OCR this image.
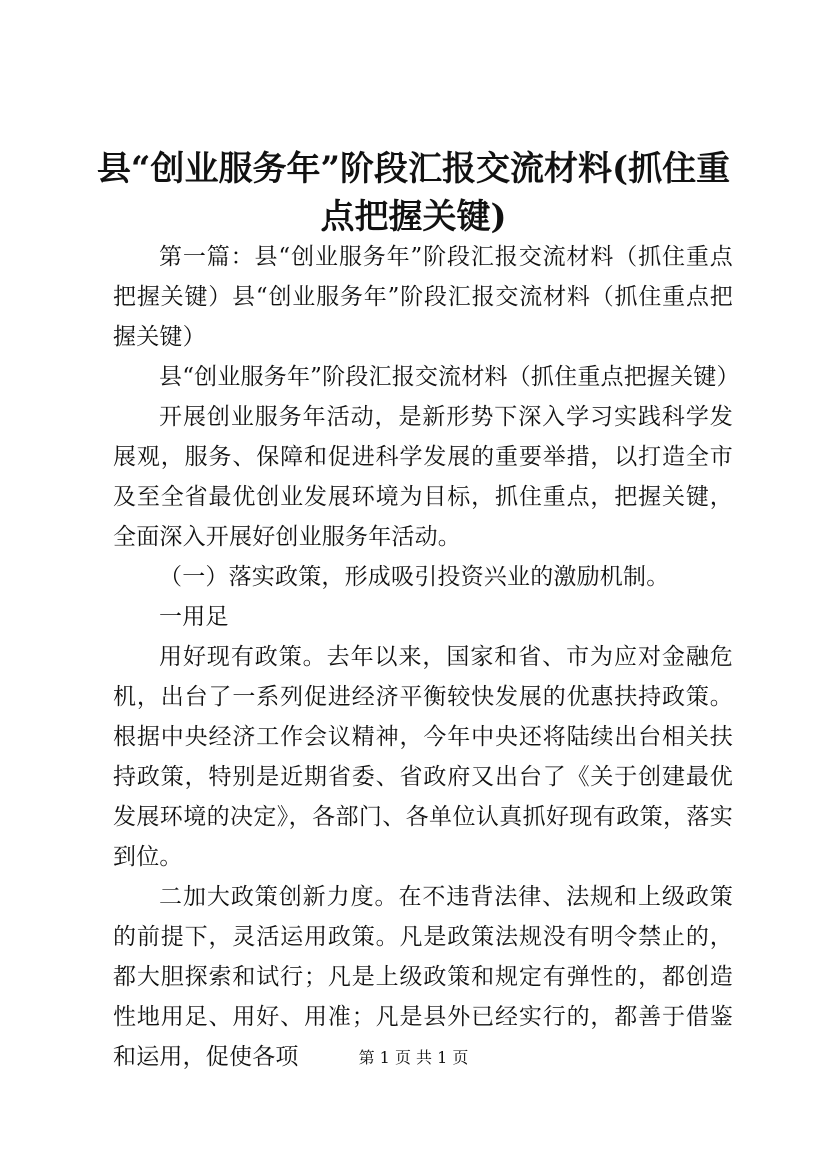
县“创业服务年”阶段汇报交流材料(抓住重点把握关键)

第一篇：县“创业服务年”阶段汇报交流材料（抓住重点把握关键）县“创业服务年”阶段汇报交流材料（抓住重点把握关键）

县“创业服务年”阶段汇报交流材料（抓住重点把握关键）

开展创业服务年活动，是新形势下深入学习实践科学发展观，服务、保障和促进科学发展的重要举措，以打造全市及至全省最优创业发展环境为目标，抓住重点，把握关键，全面深入开展好创业服务年活动。

（一）落实政策，形成吸引投资兴业的激励机制。

一用足

用好现有政策。去年以来，国家和省、市为应对金融危机，出台了一系列促进经济平衡较快发展的优惠扶持政策。根据中央经济工作会议精神，今年中央还将陆续出台相关扶持政策，特别是近期省委、省政府又出台了《关于创建最优发展环境的决定》，各部门、各单位认真抓好现有政策，落实到位。

二加大政策创新力度。在不违背法律、法规和上级政策的前提下，灵活运用政策。凡是政策法规没有明令禁止的，都大胆探索和试行；凡是上级政策和规定有弹性的，都创造性地用足、用好、用准；凡是县外已经实行的，都善于借鉴和运用，促使各项	第 1 页 共 1 页
